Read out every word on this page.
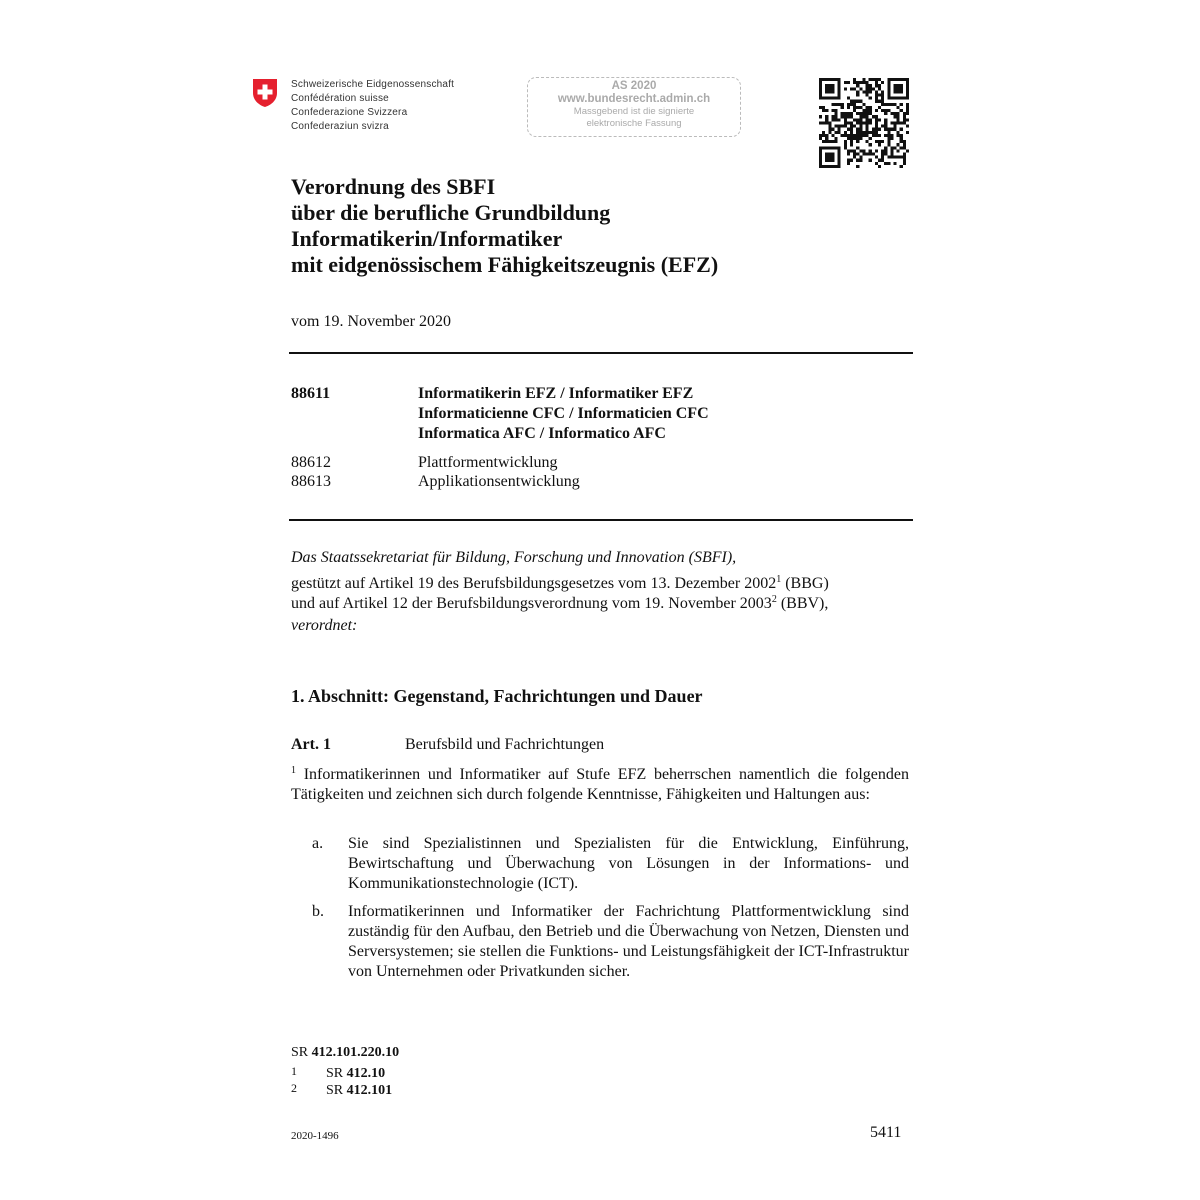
Schweizerische Eidgenossenschaft
Confédération suisse
Confederazione Svizzera
Confederaziun svizra
AS 2020
www.bundesrecht.admin.ch
Massgebend ist die signierte
elektronische Fassung
Verordnung des SBFI
über die berufliche Grundbildung
Informatikerin/Informatiker
mit eidgenössischem Fähigkeitszeugnis (EFZ)
vom 19. November 2020
88611	Informatikerin EFZ / Informatiker EFZ
Informaticienne CFC / Informaticien CFC
Informatica AFC / Informatico AFC
88612	Plattformentwicklung
88613	Applikationsentwicklung
Das Staatssekretariat für Bildung, Forschung und Innovation (SBFI),
gestützt auf Artikel 19 des Berufsbildungsgesetzes vom 13. Dezember 2002$^1$ (BBG)
und auf Artikel 12 der Berufsbildungsverordnung vom 19. November 2003$^2$ (BBV),
verordnet:
1. Abschnitt: Gegenstand, Fachrichtungen und Dauer
Art. 1	Berufsbild und Fachrichtungen
$^1$ Informatikerinnen und Informatiker auf Stufe EFZ beherrschen namentlich die folgenden Tätigkeiten und zeichnen sich durch folgende Kenntnisse, Fähigkeiten und Haltungen aus:
a. Sie sind Spezialistinnen und Spezialisten für die Entwicklung, Einführung, Bewirtschaftung und Überwachung von Lösungen in der Informations- und Kommunikationstechnologie (ICT).
b. Informatikerinnen und Informatiker der Fachrichtung Plattformentwicklung sind zuständig für den Aufbau, den Betrieb und die Überwachung von Netzen, Diensten und Serversystemen; sie stellen die Funktions- und Leistungsfähigkeit der ICT-Infrastruktur von Unternehmen oder Privatkunden sicher.
SR 412.101.220.10
1 SR 412.10
2 SR 412.101
2020-1496	5411
